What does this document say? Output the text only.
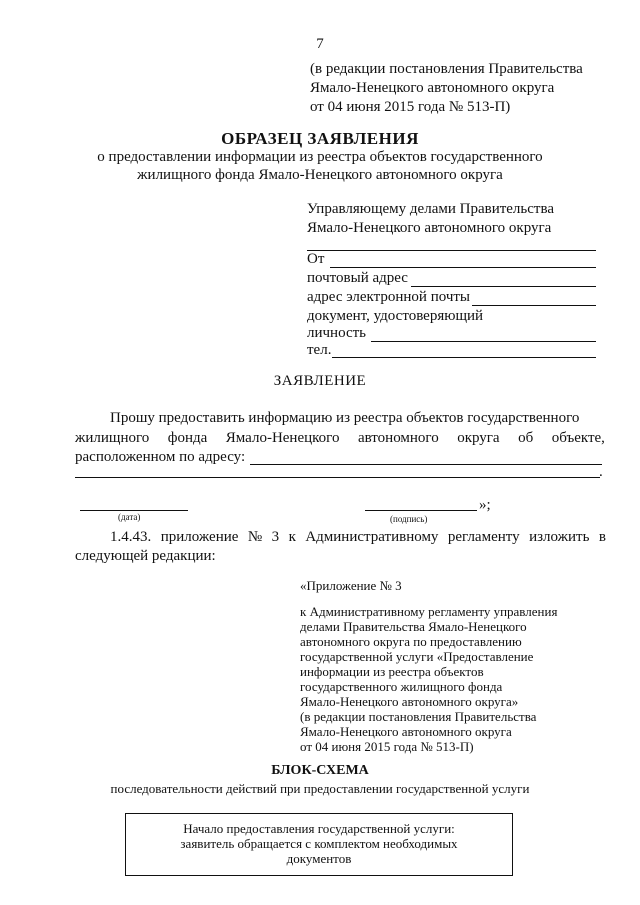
7
(в редакции постановления Правительства
Ямало-Ненецкого автономного округа
от 04 июня 2015 года № 513-П)
ОБРАЗЕЦ ЗАЯВЛЕНИЯ
о предоставлении информации из реестра объектов государственного
жилищного фонда Ямало-Ненецкого автономного округа
Управляющему делами Правительства
Ямало-Ненецкого автономного округа
От
почтовый адрес
адрес электронной почты
документ, удостоверяющий
личность
тел.
ЗАЯВЛЕНИЕ
Прошу предоставить информацию из реестра объектов государственного
жилищного фонда Ямало-Ненецкого автономного округа об объекте,
расположенном по адресу:
.
(дата)
»;
(подпись)
1.4.43. приложение № 3 к Административному регламенту изложить в
следующей редакции:
«Приложение № 3
к Административному регламенту управления
делами Правительства Ямало-Ненецкого
автономного округа по предоставлению
государственной услуги «Предоставление
информации из реестра объектов
государственного жилищного фонда
Ямало-Ненецкого автономного округа»
(в редакции постановления Правительства
Ямало-Ненецкого автономного округа
от 04 июня 2015 года № 513-П)
БЛОК-СХЕМА
последовательности действий при предоставлении государственной услуги
Начало предоставления государственной услуги:
заявитель обращается с комплектом необходимых
документов
